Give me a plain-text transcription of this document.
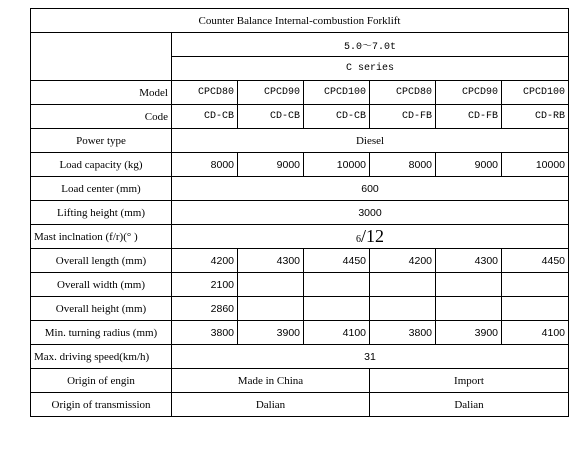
Counter Balance Internal-combustion Forklift						
	5.0～7.0t					
	C series					
Model	CPCD80	CPCD90	CPCD100	CPCD80	CPCD90	CPCD100
Code	CD-CB	CD-CB	CD-CB	CD-FB	CD-FB	CD-RB
Power type	Diesel					
Load capacity (kg)	8000	9000	10000	8000	9000	10000
Load center (mm)	600					
Lifting height (mm)	3000					
Mast inclnation (f/r)(° )	6/12					
Overall length (mm)	4200	4300	4450	4200	4300	4450
Overall width (mm)	2100					
Overall height (mm)	2860					
Min. turning radius (mm)	3800	3900	4100	3800	3900	4100
Max. driving speed(km/h)	31					
Origin of engin	Made in China			Import		
Origin of transmission	Dalian			Dalian		
